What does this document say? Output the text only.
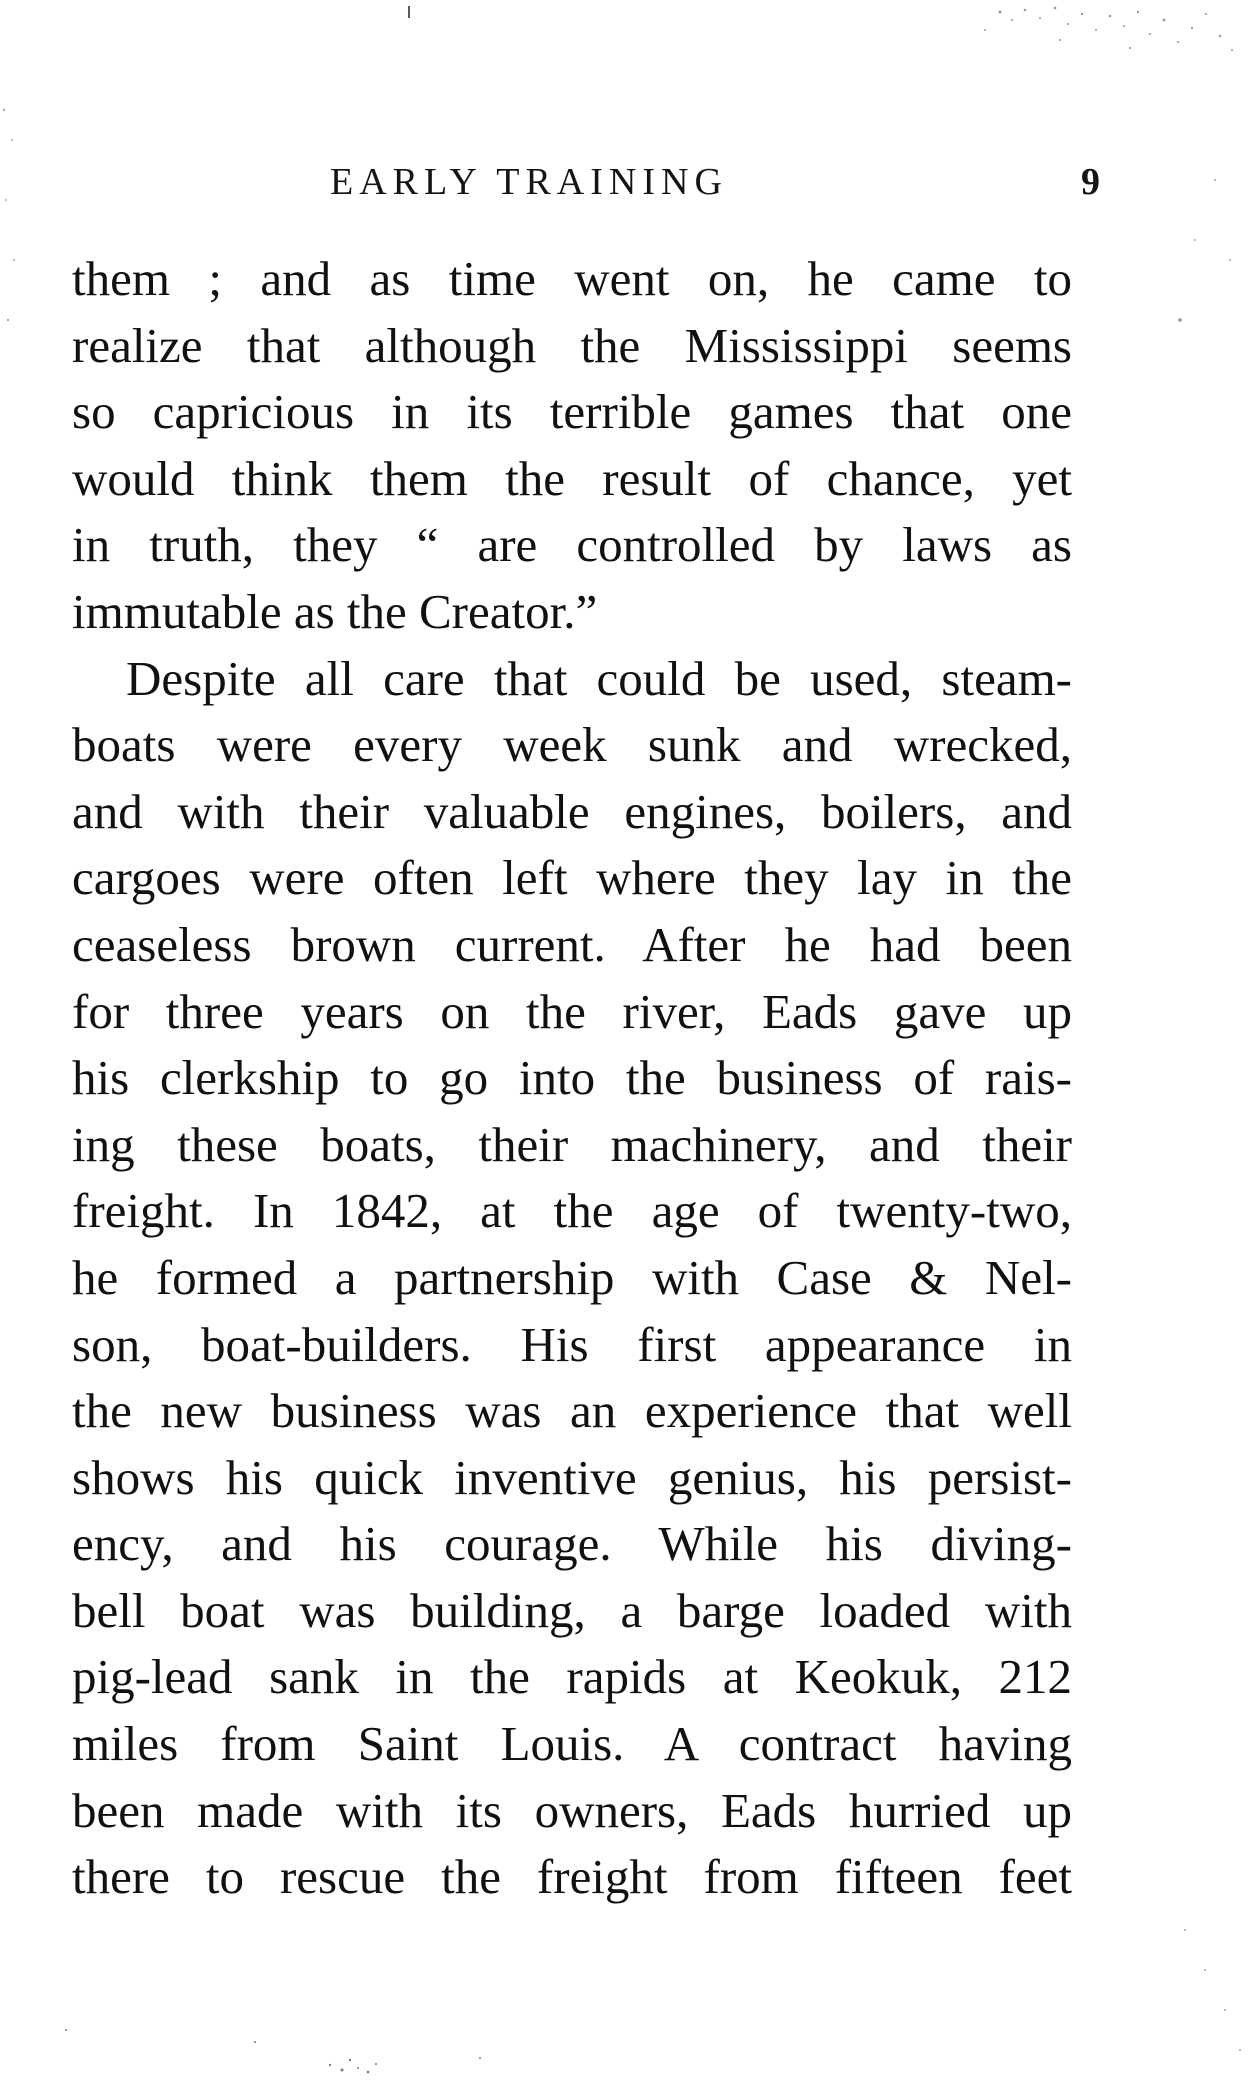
EARLY TRAINING	9
them ; and as time went on, he came to
realize that although the Mississippi seems
so capricious in its terrible games that one
would think them the result of chance, yet
in truth, they “ are controlled by laws as
immutable as the Creator.”
Despite all care that could be used, steam-
boats were every week sunk and wrecked,
and with their valuable engines, boilers, and
cargoes were often left where they lay in the
ceaseless brown current. After he had been
for three years on the river, Eads gave up
his clerkship to go into the business of rais-
ing these boats, their machinery, and their
freight. In 1842, at the age of twenty-two,
he formed a partnership with Case & Nel-
son, boat-builders. His first appearance in
the new business was an experience that well
shows his quick inventive genius, his persist-
ency, and his courage. While his diving-
bell boat was building, a barge loaded with
pig-lead sank in the rapids at Keokuk, 212
miles from Saint Louis. A contract having
been made with its owners, Eads hurried up
there to rescue the freight from fifteen feet
